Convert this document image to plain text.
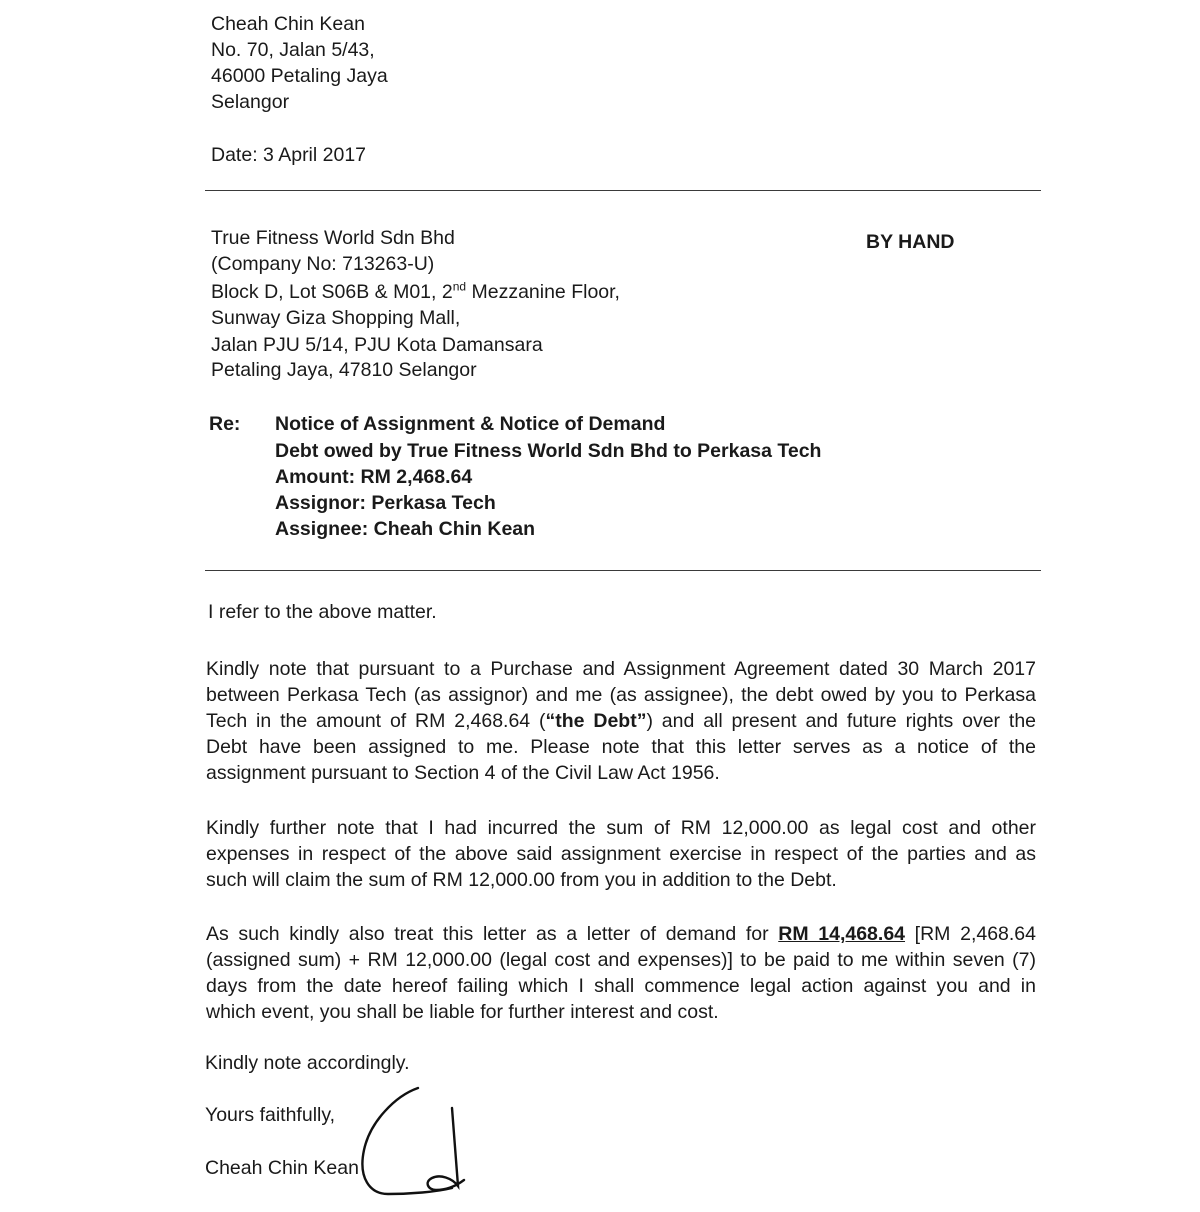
Cheah Chin Kean
No. 70, Jalan 5/43,
46000 Petaling Jaya
Selangor
Date: 3 April 2017
True Fitness World Sdn Bhd	BY HAND
(Company No: 713263-U)
Block D, Lot S06B & M01, 2nd Mezzanine Floor,
Sunway Giza Shopping Mall,
Jalan PJU 5/14, PJU Kota Damansara
Petaling Jaya, 47810 Selangor
Re: Notice of Assignment & Notice of Demand
Debt owed by True Fitness World Sdn Bhd to Perkasa Tech
Amount: RM 2,468.64
Assignor: Perkasa Tech
Assignee: Cheah Chin Kean
I refer to the above matter.
Kindly note that pursuant to a Purchase and Assignment Agreement dated 30 March 2017
between Perkasa Tech (as assignor) and me (as assignee), the debt owed by you to Perkasa
Tech in the amount of RM 2,468.64 (“the Debt”) and all present and future rights over the
Debt have been assigned to me. Please note that this letter serves as a notice of the
assignment pursuant to Section 4 of the Civil Law Act 1956.
Kindly further note that I had incurred the sum of RM 12,000.00 as legal cost and other
expenses in respect of the above said assignment exercise in respect of the parties and as
such will claim the sum of RM 12,000.00 from you in addition to the Debt.
As such kindly also treat this letter as a letter of demand for RM 14,468.64 [RM 2,468.64
(assigned sum) + RM 12,000.00 (legal cost and expenses)] to be paid to me within seven (7)
days from the date hereof failing which I shall commence legal action against you and in
which event, you shall be liable for further interest and cost.
Kindly note accordingly.
Yours faithfully,
Cheah Chin Kean
